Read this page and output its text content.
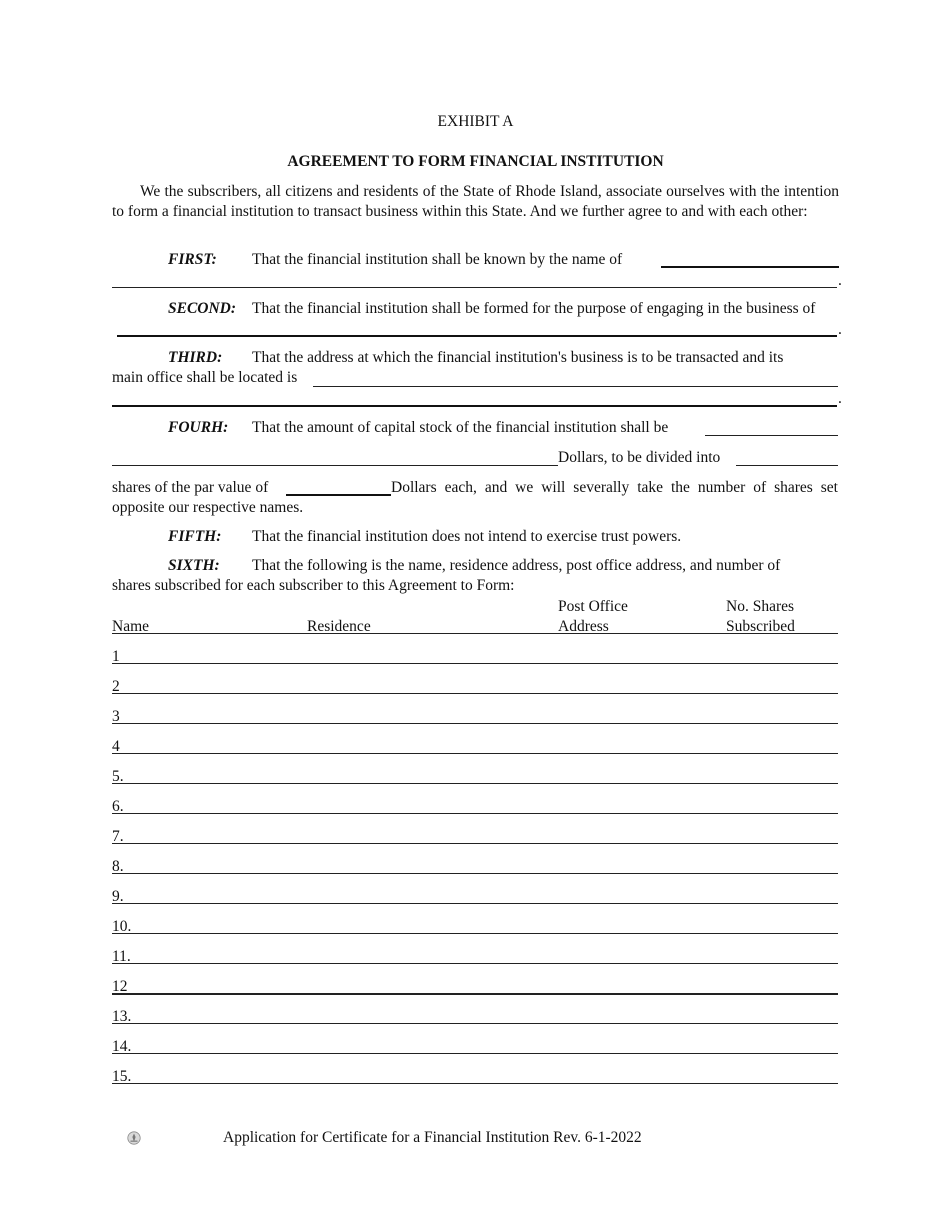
EXHIBIT A
AGREEMENT TO FORM FINANCIAL INSTITUTION
We the subscribers, all citizens and residents of the State of Rhode Island, associate ourselves with the intention to form a financial institution to transact business within this State. And we further agree to and with each other:
FIRST: That the financial institution shall be known by the name of
.
SECOND: That the financial institution shall be formed for the purpose of engaging in the business of
.
THIRD: That the address at which the financial institution's business is to be transacted and its
main office shall be located is
.
FOURH: That the amount of capital stock of the financial institution shall be
Dollars, to be divided into
shares of the par value of	Dollars each, and we will severally take the number of shares set
opposite our respective names.
FIFTH: That the financial institution does not intend to exercise trust powers.
SIXTH: That the following is the name, residence address, post office address, and number of
shares subscribed for each subscriber to this Agreement to Form:
Post Office	No. Shares
Name	Residence	Address	Subscribed
1
2
3
4
5.
6.
7.
8.
9.
10.
11.
12
13.
14.
15.
Application for Certificate for a Financial Institution Rev. 6-1-2022
